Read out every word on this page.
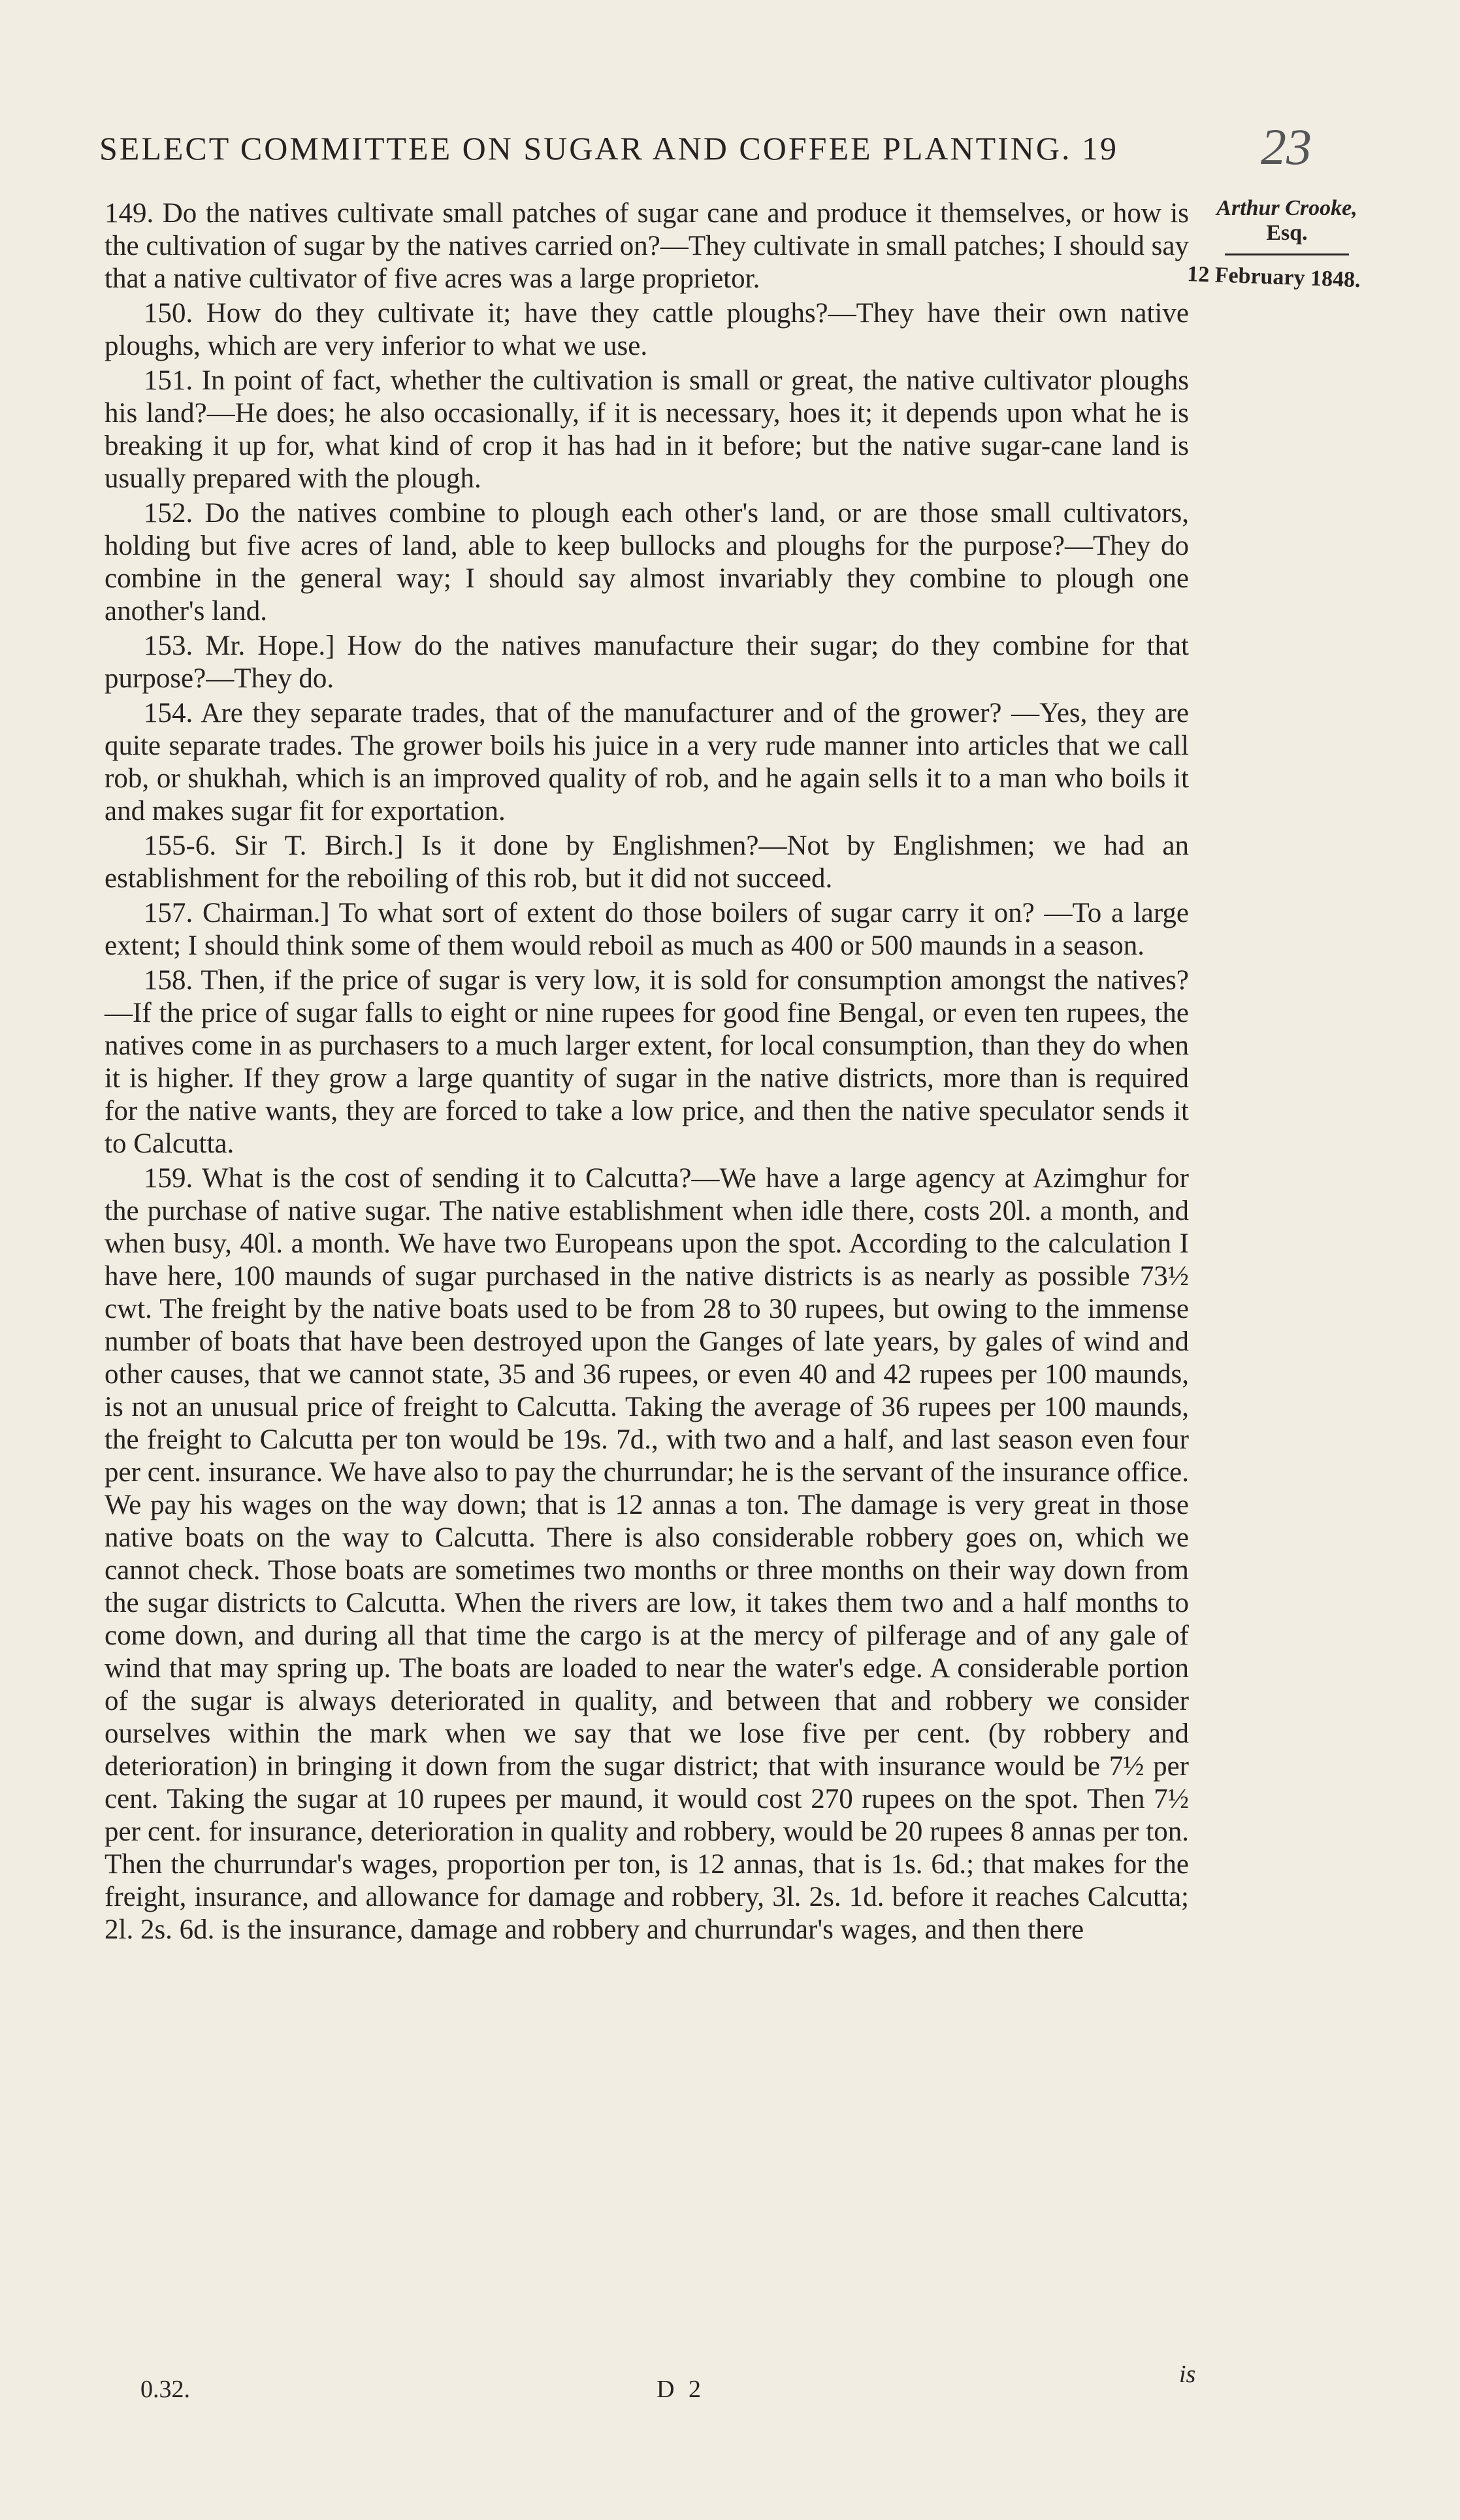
SELECT COMMITTEE ON SUGAR AND COFFEE PLANTING. 19	23
Arthur Crooke,
Esq.
12 February 1848.

149. Do the natives cultivate small patches of sugar cane and produce it themselves, or how is the cultivation of sugar by the natives carried on?—They cultivate in small patches; I should say that a native cultivator of five acres was a large proprietor.

150. How do they cultivate it; have they cattle ploughs?—They have their own native ploughs, which are very inferior to what we use.

151. In point of fact, whether the cultivation is small or great, the native cultivator ploughs his land?—He does; he also occasionally, if it is necessary, hoes it; it depends upon what he is breaking it up for, what kind of crop it has had in it before; but the native sugar-cane land is usually prepared with the plough.

152. Do the natives combine to plough each other's land, or are those small cultivators, holding but five acres of land, able to keep bullocks and ploughs for the purpose?—They do combine in the general way; I should say almost invariably they combine to plough one another's land.

153. Mr. Hope.] How do the natives manufacture their sugar; do they combine for that purpose?—They do.

154. Are they separate trades, that of the manufacturer and of the grower? —Yes, they are quite separate trades. The grower boils his juice in a very rude manner into articles that we call rob, or shukhah, which is an improved quality of rob, and he again sells it to a man who boils it and makes sugar fit for exportation.

155-6. Sir T. Birch.] Is it done by Englishmen?—Not by Englishmen; we had an establishment for the reboiling of this rob, but it did not succeed.

157. Chairman.] To what sort of extent do those boilers of sugar carry it on? —To a large extent; I should think some of them would reboil as much as 400 or 500 maunds in a season.

158. Then, if the price of sugar is very low, it is sold for consumption amongst the natives?—If the price of sugar falls to eight or nine rupees for good fine Bengal, or even ten rupees, the natives come in as purchasers to a much larger extent, for local consumption, than they do when it is higher. If they grow a large quantity of sugar in the native districts, more than is required for the native wants, they are forced to take a low price, and then the native speculator sends it to Calcutta.

159. What is the cost of sending it to Calcutta?—We have a large agency at Azimghur for the purchase of native sugar. The native establishment when idle there, costs 20l. a month, and when busy, 40l. a month. We have two Europeans upon the spot. According to the calculation I have here, 100 maunds of sugar purchased in the native districts is as nearly as possible 73½ cwt. The freight by the native boats used to be from 28 to 30 rupees, but owing to the immense number of boats that have been destroyed upon the Ganges of late years, by gales of wind and other causes, that we cannot state, 35 and 36 rupees, or even 40 and 42 rupees per 100 maunds, is not an unusual price of freight to Calcutta. Taking the average of 36 rupees per 100 maunds, the freight to Calcutta per ton would be 19s. 7d., with two and a half, and last season even four per cent. insurance. We have also to pay the churrundar; he is the servant of the insurance office. We pay his wages on the way down; that is 12 annas a ton. The damage is very great in those native boats on the way to Calcutta. There is also considerable robbery goes on, which we cannot check. Those boats are sometimes two months or three months on their way down from the sugar districts to Calcutta. When the rivers are low, it takes them two and a half months to come down, and during all that time the cargo is at the mercy of pilferage and of any gale of wind that may spring up. The boats are loaded to near the water's edge. A considerable portion of the sugar is always deteriorated in quality, and between that and robbery we consider ourselves within the mark when we say that we lose five per cent. (by robbery and deterioration) in bringing it down from the sugar district; that with insurance would be 7½ per cent. Taking the sugar at 10 rupees per maund, it would cost 270 rupees on the spot. Then 7½ per cent. for insurance, deterioration in quality and robbery, would be 20 rupees 8 annas per ton. Then the churrundar's wages, proportion per ton, is 12 annas, that is 1s. 6d.; that makes for the freight, insurance, and allowance for damage and robbery, 3l. 2s. 1d. before it reaches Calcutta; 2l. 2s. 6d. is the insurance, damage and robbery and churrundar's wages, and then there

is
0.32.	D 2
